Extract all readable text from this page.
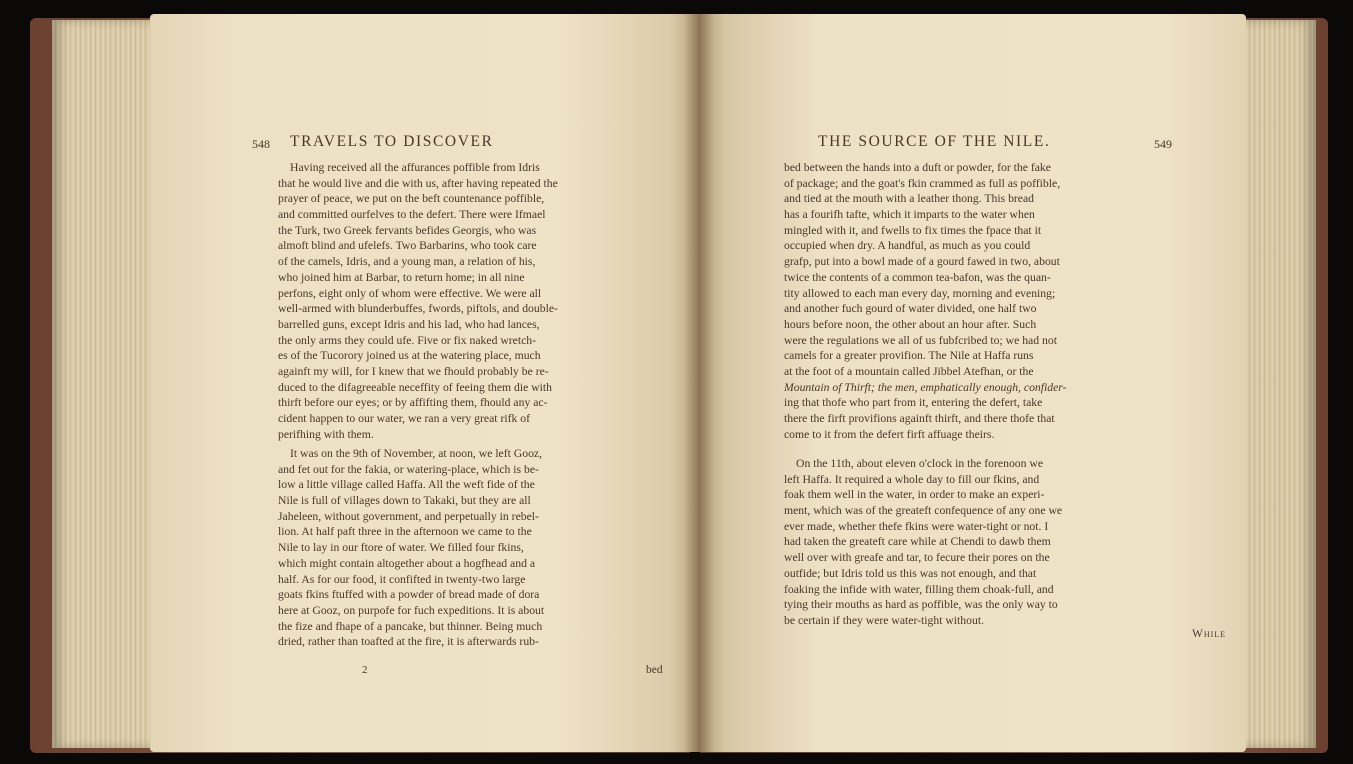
548 TRAVELS TO DISCOVER
Having received all the affurances poffible from Idris
that he would live and die with us, after having repeated the
prayer of peace, we put on the beft countenance poffible,
and committed ourfelves to the defert. There were Ifmael
the Turk, two Greek fervants befides Georgis, who was
almoft blind and ufelefs. Two Barbarins, who took care
of the camels, Idris, and a young man, a relation of his,
who joined him at Barbar, to return home; in all nine
perfons, eight only of whom were effective. We were all
well-armed with blunderbuffes, fwords, piftols, and double-
barrelled guns, except Idris and his lad, who had lances,
the only arms they could ufe. Five or fix naked wretch-
es of the Tucorory joined us at the watering place, much
againft my will, for I knew that we fhould probably be re-
duced to the difagreeable neceffity of feeing them die with
thirft before our eyes; or by affifting them, fhould any ac-
cident happen to our water, we ran a very great rifk of
perifhing with them.
It was on the 9th of November, at noon, we left Gooz,
and fet out for the fakia, or watering-place, which is be-
low a little village called Haffa. All the weft fide of the
Nile is full of villages down to Takaki, but they are all
Jaheleen, without government, and perpetually in rebel-
lion. At half paft three in the afternoon we came to the
Nile to lay in our ftore of water. We filled four fkins,
which might contain altogether about a hogfhead and a
half. As for our food, it confifted in twenty-two large
goats fkins ftuffed with a powder of bread made of dora
here at Gooz, on purpofe for fuch expeditions. It is about
the fize and fhape of a pancake, but thinner. Being much
dried, rather than toafted at the fire, it is afterwards rub-
2	bed
THE SOURCE OF THE NILE.	549
bed between the hands into a duft or powder, for the fake
of package; and the goat's fkin crammed as full as poffible,
and tied at the mouth with a leather thong. This bread
has a fourifh tafte, which it imparts to the water when
mingled with it, and fwells to fix times the fpace that it
occupied when dry. A handful, as much as you could
grafp, put into a bowl made of a gourd fawed in two, about
twice the contents of a common tea-bafon, was the quan-
tity allowed to each man every day, morning and evening;
and another fuch gourd of water divided, one half two
hours before noon, the other about an hour after. Such
were the regulations we all of us fubfcribed to; we had not
camels for a greater provifion. The Nile at Haffa runs
at the foot of a mountain called Jibbel Atefhan, or the
Mountain of Thirft; the men, emphatically enough, confider-
ing that thofe who part from it, entering the defert, take
there the firft provifions againft thirft, and there thofe that
come to it from the defert firft affuage theirs.
On the 11th, about eleven o'clock in the forenoon we
left Haffa. It required a whole day to fill our fkins, and
foak them well in the water, in order to make an experi-
ment, which was of the greateft confequence of any one we
ever made, whether thefe fkins were water-tight or not. I
had taken the greateft care while at Chendi to dawb them
well over with greafe and tar, to fecure their pores on the
outfide; but Idris told us this was not enough, and that
foaking the infide with water, filling them choak-full, and
tying their mouths as hard as poffible, was the only way to
be certain if they were water-tight without.
While
